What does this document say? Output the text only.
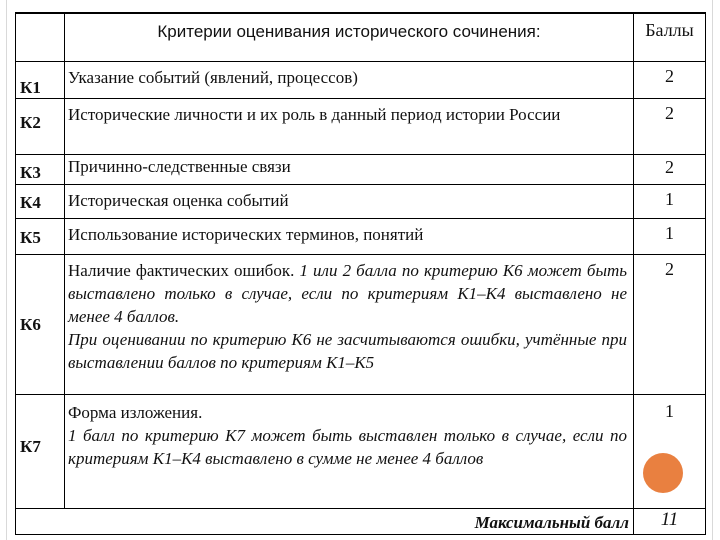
	Критерии оценивания исторического сочинения:	Баллы

К1	Указание событий (явлений, процессов)	2

К2	Исторические личности и их роль в данный период истории России	2

К3	Причинно-следственные связи	2

К4	Историческая оценка событий	1

К5	Использование исторических терминов, понятий	1

К6	Наличие фактических ошибок. 1 или 2 балла по критерию К6 может быть выставлено только в случае, если по критериям К1–К4 выставлено не менее 4 баллов.
При оценивании по критерию К6 не засчитываются ошибки, учтённые при выставлении баллов по критериям К1–К5	2

К7	Форма изложения.
1 балл по критерию К7 может быть выставлен только в случае, если по критериям К1–К4 выставлено в сумме не менее 4 баллов	1

	Максимальный балл	11
